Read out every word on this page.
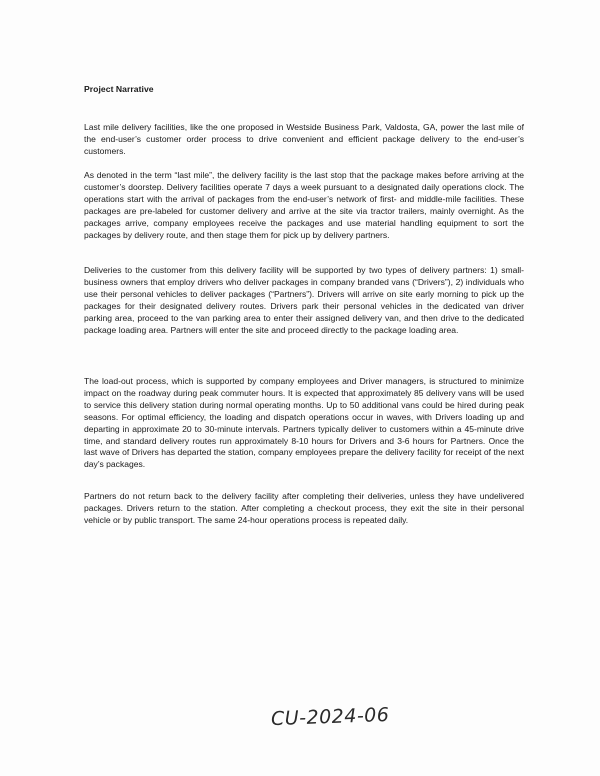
Project Narrative

Last mile delivery facilities, like the one proposed in Westside Business Park, Valdosta, GA, power the last mile of the end-user’s customer order process to drive convenient and efficient package delivery to the end-user’s customers.

As denoted in the term “last mile”, the delivery facility is the last stop that the package makes before arriving at the customer’s doorstep. Delivery facilities operate 7 days a week pursuant to a designated daily operations clock. The operations start with the arrival of packages from the end-user’s network of first- and middle-mile facilities. These packages are pre-labeled for customer delivery and arrive at the site via tractor trailers, mainly overnight. As the packages arrive, company employees receive the packages and use material handling equipment to sort the packages by delivery route, and then stage them for pick up by delivery partners.

Deliveries to the customer from this delivery facility will be supported by two types of delivery partners: 1) small-business owners that employ drivers who deliver packages in company branded vans (“Drivers”), 2) individuals who use their personal vehicles to deliver packages (“Partners”). Drivers will arrive on site early morning to pick up the packages for their designated delivery routes. Drivers park their personal vehicles in the dedicated van driver parking area, proceed to the van parking area to enter their assigned delivery van, and then drive to the dedicated package loading area. Partners will enter the site and proceed directly to the package loading area.

The load-out process, which is supported by company employees and Driver managers, is structured to minimize impact on the roadway during peak commuter hours. It is expected that approximately 85 delivery vans will be used to service this delivery station during normal operating months. Up to 50 additional vans could be hired during peak seasons. For optimal efficiency, the loading and dispatch operations occur in waves, with Drivers loading up and departing in approximate 20 to 30-minute intervals. Partners typically deliver to customers within a 45-minute drive time, and standard delivery routes run approximately 8-10 hours for Drivers and 3-6 hours for Partners. Once the last wave of Drivers has departed the station, company employees prepare the delivery facility for receipt of the next day’s packages.

Partners do not return back to the delivery facility after completing their deliveries, unless they have undelivered packages. Drivers return to the station. After completing a checkout process, they exit the site in their personal vehicle or by public transport. The same 24-hour operations process is repeated daily.

CU-2024-06
